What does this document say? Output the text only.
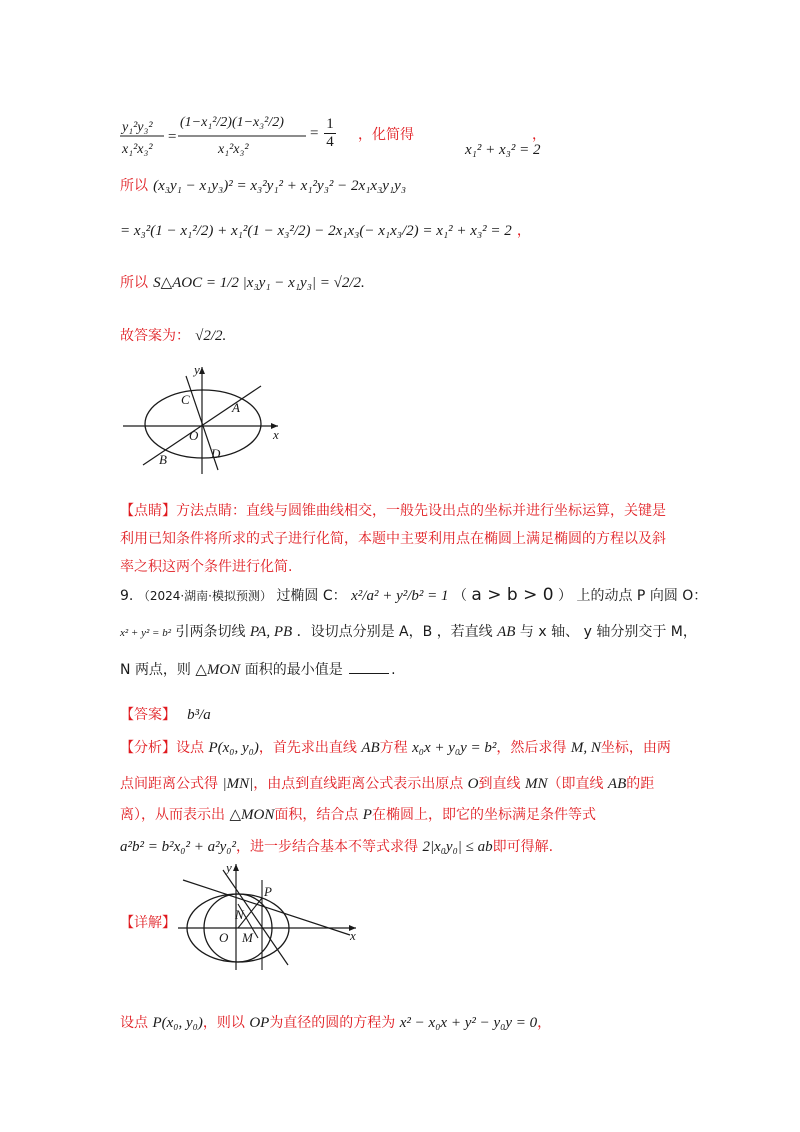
y₁²y₃²
x₁²x₃²
=
(1−x₁²/2)(1−x₃²/2)
x₁²x₃²
= $\frac{1}{4}$ ，化简得
x₁² + x₃² = 2
，
所以 (x₃y₁ − x₁y₃)² = x₃²y₁² + x₁²y₃² − 2x₁x₃y₁y₃
= x₃²(1 − x₁²/2) + x₁²(1 − x₃²/2) − 2x₁x₃(− x₁x₃/2) = x₁² + x₃² = 2 ，
所以 S△AOC = 1/2 |x₃y₁ − x₁y₃| = √2/2.
故答案为： √2/2.
y
C
A
O	x
B	D
【点睛】方法点睛：直线与圆锥曲线相交，一般先设出点的坐标并进行坐标运算，关键是
利用已知条件将所求的式子进行化简，本题中主要利用点在椭圆上满足椭圆的方程以及斜
率之积这两个条件进行化简.
9. （2024·湖南·模拟预测） 过椭圆 C： x²/a² + y²/b² = 1 （ a > b > 0 ） 上的动点 P 向圆 O：
x² + y² = b² 引两条切线 PA, PB ．设切点分别是 A，B ，若直线 AB 与 x 轴、 y 轴分别交于 M，
N 两点，则 △MON 面积的最小值是	.
【答案】 b³/a
【分析】设点 P(x₀, y₀)，首先求出直线 AB方程 x₀x + y₀y = b²，然后求得 M, N坐标，由两
点间距离公式得 |MN|，由点到直线距离公式表示出原点 O到直线 MN（即直线 AB的距
离），从而表示出 △MON面积，结合点 P在椭圆上，即它的坐标满足条件等式
a²b² = b²x₀² + a²y₀²，进一步结合基本不等式求得 2|x₀y₀| ≤ ab即可得解.
【详解】
y
P
N
O M	x
设点 P(x₀, y₀)，则以 OP为直径的圆的方程为 x² − x₀x + y² − y₀y = 0，
